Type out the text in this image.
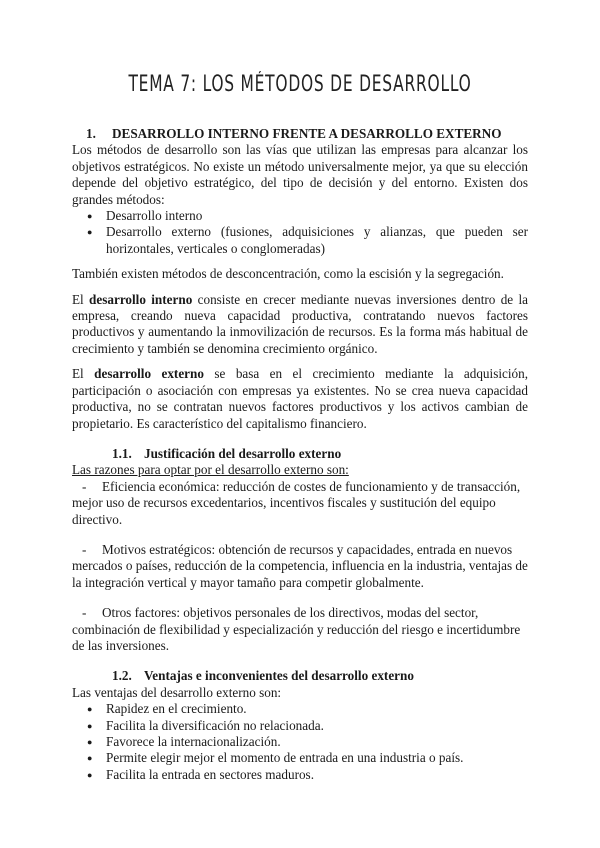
TEMA 7: LOS MÉTODOS DE DESARROLLO
1. DESARROLLO INTERNO FRENTE A DESARROLLO EXTERNO

Los métodos de desarrollo son las vías que utilizan las empresas para alcanzar los objetivos estratégicos. No existe un método universalmente mejor, ya que su elección depende del objetivo estratégico, del tipo de decisión y del entorno. Existen dos grandes métodos:

● Desarrollo interno
● Desarrollo externo (fusiones, adquisiciones y alianzas, que pueden ser horizontales, verticales o conglomeradas)

También existen métodos de desconcentración, como la escisión y la segregación.

El desarrollo interno consiste en crecer mediante nuevas inversiones dentro de la empresa, creando nueva capacidad productiva, contratando nuevos factores productivos y aumentando la inmovilización de recursos. Es la forma más habitual de crecimiento y también se denomina crecimiento orgánico.

El desarrollo externo se basa en el crecimiento mediante la adquisición, participación o asociación con empresas ya existentes. No se crea nueva capacidad productiva, no se contratan nuevos factores productivos y los activos cambian de propietario. Es característico del capitalismo financiero.

1.1. Justificación del desarrollo externo

Las razones para optar por el desarrollo externo son:

-	Eficiencia económica: reducción de costes de funcionamiento y de transacción, mejor uso de recursos excedentarios, incentivos fiscales y sustitución del equipo directivo.
-	Motivos estratégicos: obtención de recursos y capacidades, entrada en nuevos mercados o países, reducción de la competencia, influencia en la industria, ventajas de la integración vertical y mayor tamaño para competir globalmente.
-	Otros factores: objetivos personales de los directivos, modas del sector, combinación de flexibilidad y especialización y reducción del riesgo e incertidumbre de las inversiones.
1.2. Ventajas e inconvenientes del desarrollo externo

Las ventajas del desarrollo externo son:

● Rapidez en el crecimiento.
● Facilita la diversificación no relacionada.
● Favorece la internacionalización.
● Permite elegir mejor el momento de entrada en una industria o país.
● Facilita la entrada en sectores maduros.
